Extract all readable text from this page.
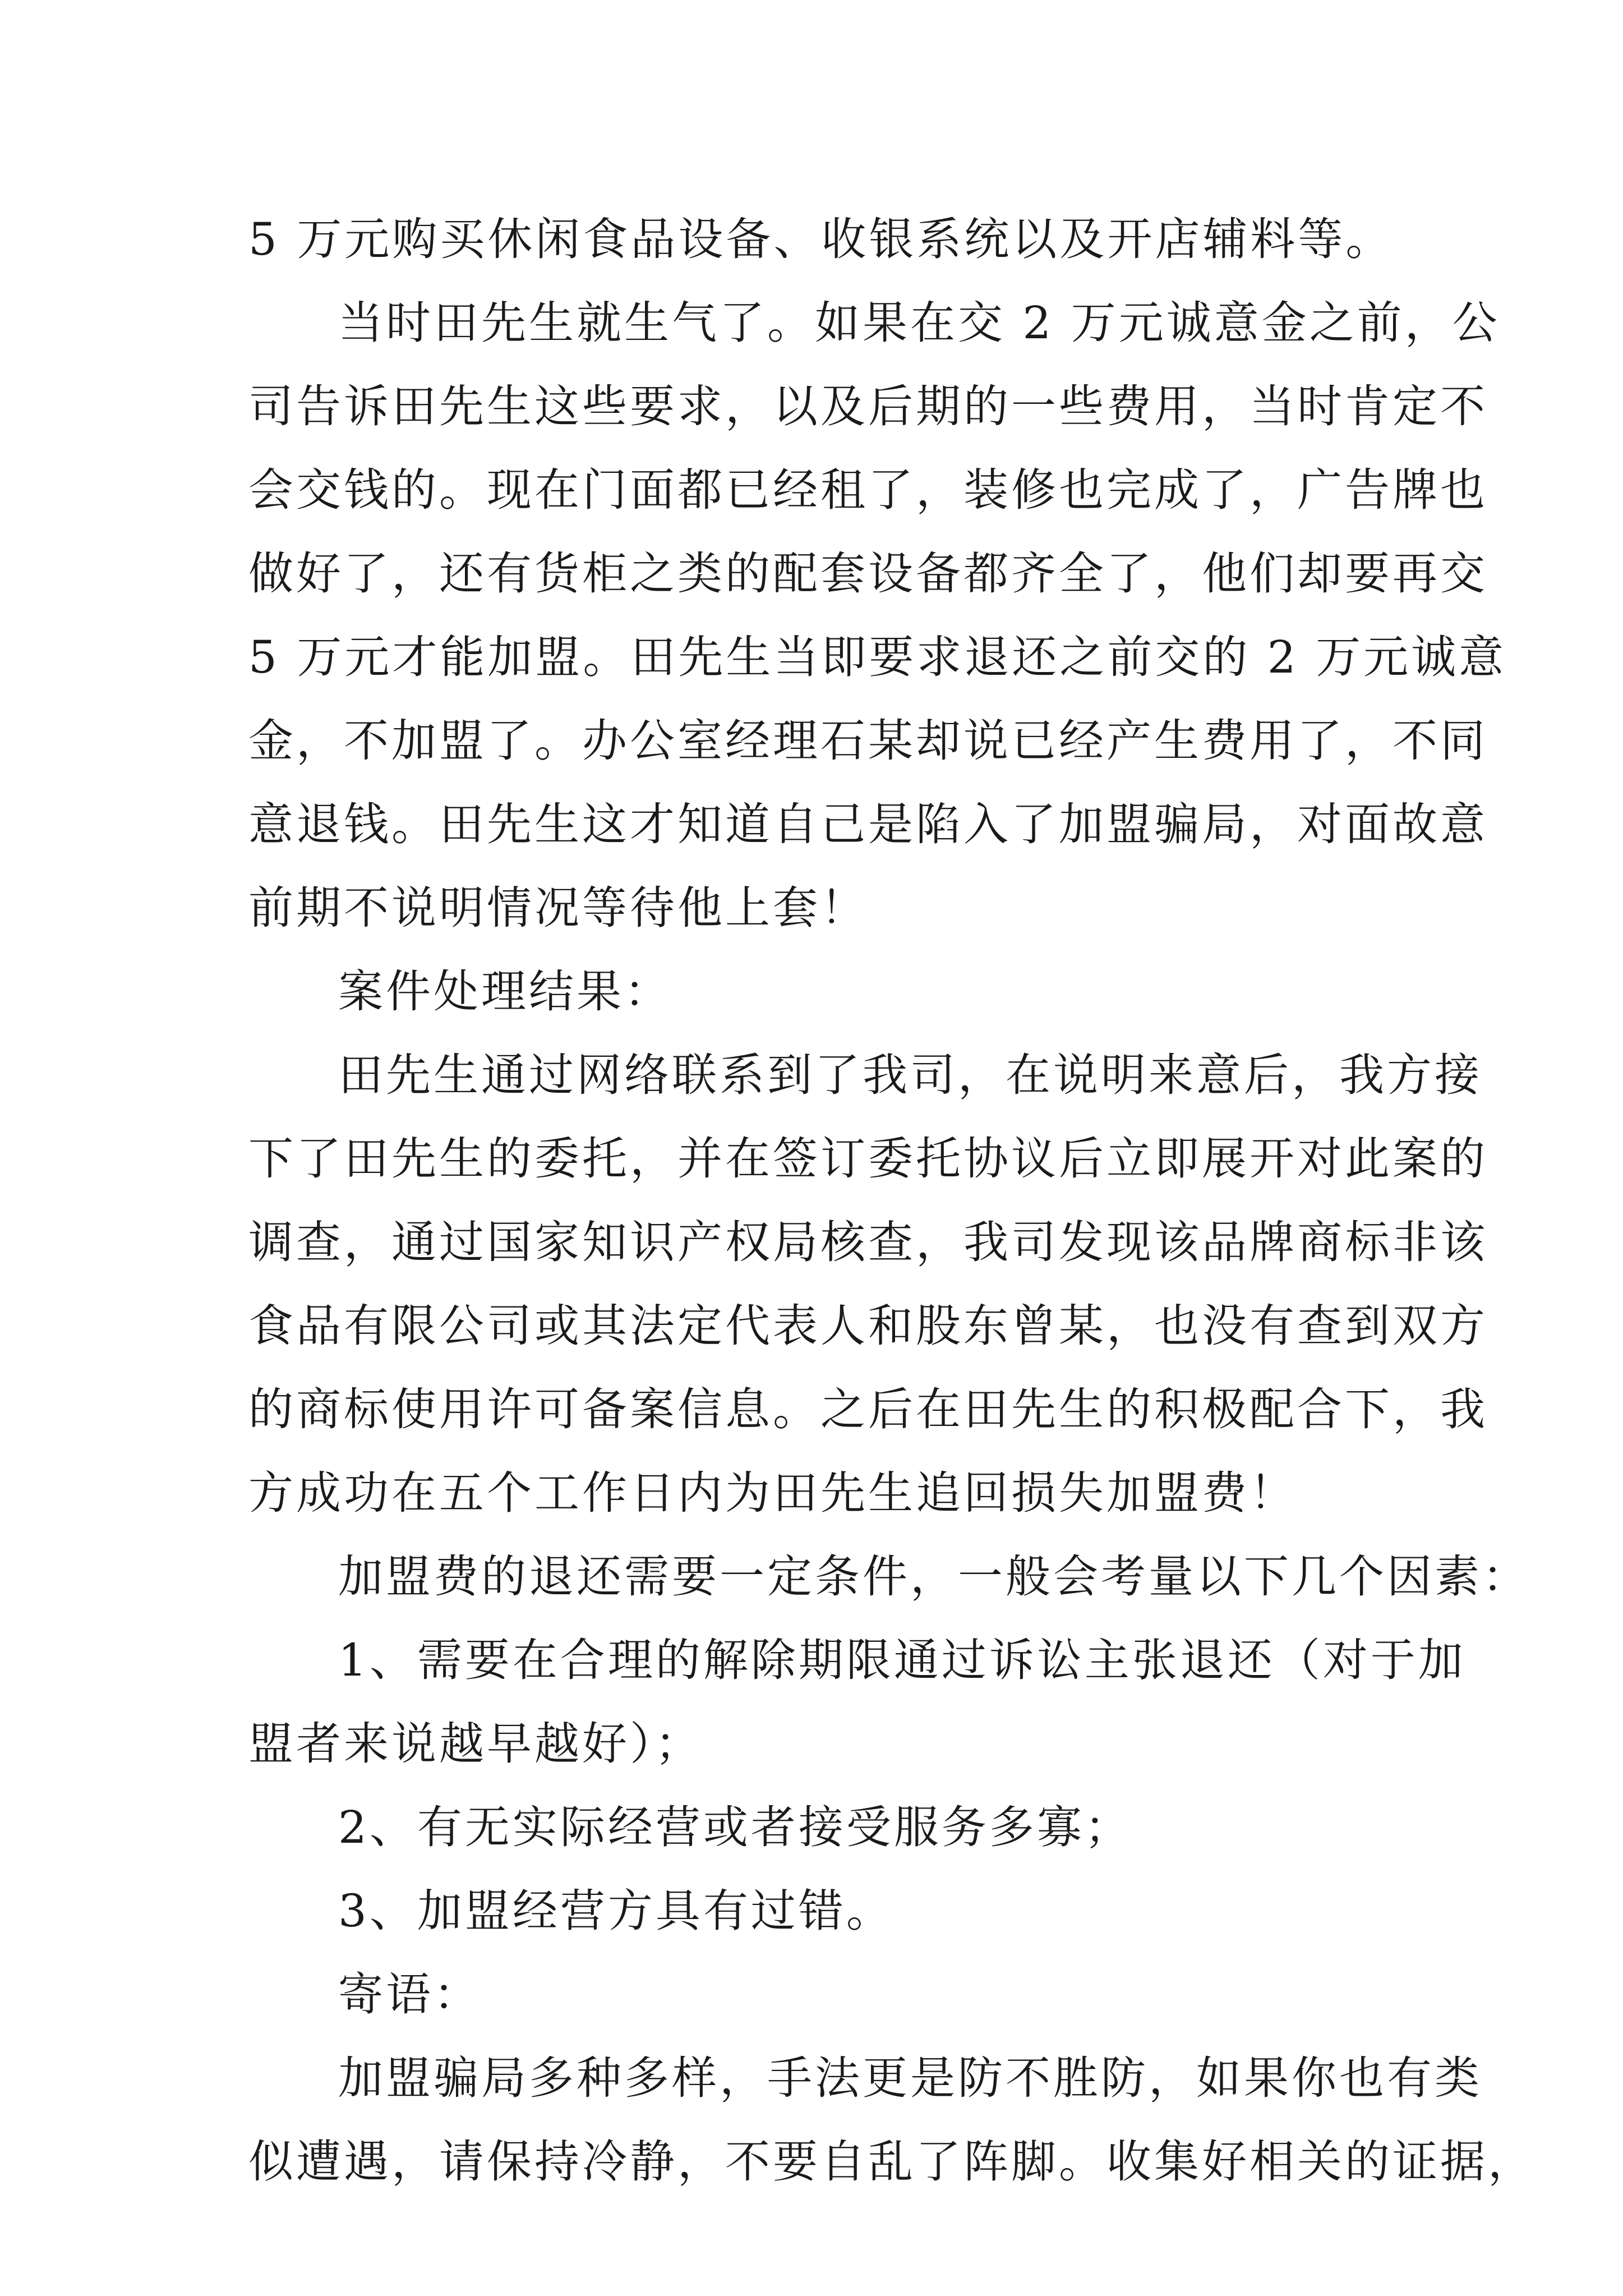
5 万元购买休闲食品设备、收银系统以及开店辅料等。
当时田先生就生气了。如果在交 2 万元诚意金之前，公
司告诉田先生这些要求，以及后期的一些费用，当时肯定不
会交钱的。现在门面都已经租了，装修也完成了，广告牌也
做好了，还有货柜之类的配套设备都齐全了，他们却要再交
5 万元才能加盟。田先生当即要求退还之前交的 2 万元诚意
金，不加盟了。办公室经理石某却说已经产生费用了，不同
意退钱。田先生这才知道自己是陷入了加盟骗局，对面故意
前期不说明情况等待他上套！
案件处理结果：
田先生通过网络联系到了我司，在说明来意后，我方接
下了田先生的委托，并在签订委托协议后立即展开对此案的
调查，通过国家知识产权局核查，我司发现该品牌商标非该
食品有限公司或其法定代表人和股东曾某，也没有查到双方
的商标使用许可备案信息。之后在田先生的积极配合下，我
方成功在五个工作日内为田先生追回损失加盟费！
加盟费的退还需要一定条件，一般会考量以下几个因素：
1、需要在合理的解除期限通过诉讼主张退还（对于加
盟者来说越早越好）；
2、有无实际经营或者接受服务多寡；
3、加盟经营方具有过错。
寄语：
加盟骗局多种多样，手法更是防不胜防，如果你也有类
似遭遇，请保持冷静，不要自乱了阵脚。收集好相关的证据，
